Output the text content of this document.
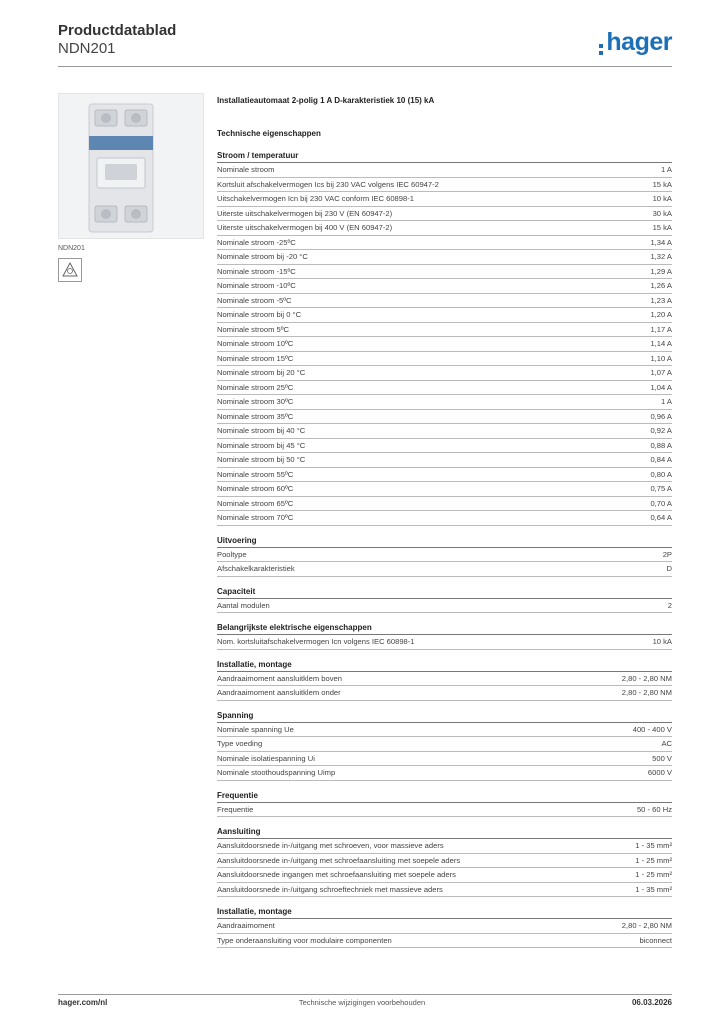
Productdatablad
NDN201	hager
NDN201
Installatieautomaat 2-polig 1 A D-karakteristiek 10 (15) kA
Technische eigenschappen
Stroom / temperatuur
Nominale stroom	1 A
Kortsluit afschakelvermogen Ics bij 230 VAC volgens IEC 60947-2	15 kA
Uitschakelvermogen Icn bij 230 VAC conform IEC 60898-1	10 kA
Uiterste uitschakelvermogen bij 230 V (EN 60947-2)	30 kA
Uiterste uitschakelvermogen bij 400 V (EN 60947-2)	15 kA
Nominale stroom -25ºC	1,34 A
Nominale stroom bij -20 °C	1,32 A
Nominale stroom -15ºC	1,29 A
Nominale stroom -10ºC	1,26 A
Nominale stroom -5ºC	1,23 A
Nominale stroom bij 0 °C	1,20 A
Nominale stroom 5ºC	1,17 A
Nominale stroom 10ºC	1,14 A
Nominale stroom 15ºC	1,10 A
Nominale stroom bij 20 °C	1,07 A
Nominale stroom 25ºC	1,04 A
Nominale stroom 30ºC	1 A
Nominale stroom 35ºC	0,96 A
Nominale stroom bij 40 °C	0,92 A
Nominale stroom bij 45 °C	0,88 A
Nominale stroom bij 50 °C	0,84 A
Nominale stroom 55ºC	0,80 A
Nominale stroom 60ºC	0,75 A
Nominale stroom 65ºC	0,70 A
Nominale stroom 70ºC	0,64 A
Uitvoering
Pooltype	2P
Afschakelkarakteristiek	D
Capaciteit
Aantal modulen	2
Belangrijkste elektrische eigenschappen
Nom. kortsluitafschakelvermogen Icn volgens IEC 60898-1	10 kA
Installatie, montage
Aandraaimoment aansluitklem boven	2,80 - 2,80 NM
Aandraaimoment aansluitklem onder	2,80 - 2,80 NM
Spanning
Nominale spanning Ue	400 - 400 V
Type voeding	AC
Nominale isolatiespanning Ui	500 V
Nominale stoothoudspanning Uimp	6000 V
Frequentie
Frequentie	50 - 60 Hz
Aansluiting
Aansluitdoorsnede in-/uitgang met schroeven, voor massieve aders	1 - 35 mm²
Aansluitdoorsnede in-/uitgang met schroefaansluiting met soepele aders	1 - 25 mm²
Aansluitdoorsnede ingangen met schroefaansluiting met soepele aders	1 - 25 mm²
Aansluitdoorsnede in-/uitgang schroeftechniek met massieve aders	1 - 35 mm²
Installatie, montage
Aandraaimoment	2,80 - 2,80 NM
Type onderaansluiting voor modulaire componenten	biconnect
hager.com/nl	Technische wijzigingen voorbehouden	06.03.2026
